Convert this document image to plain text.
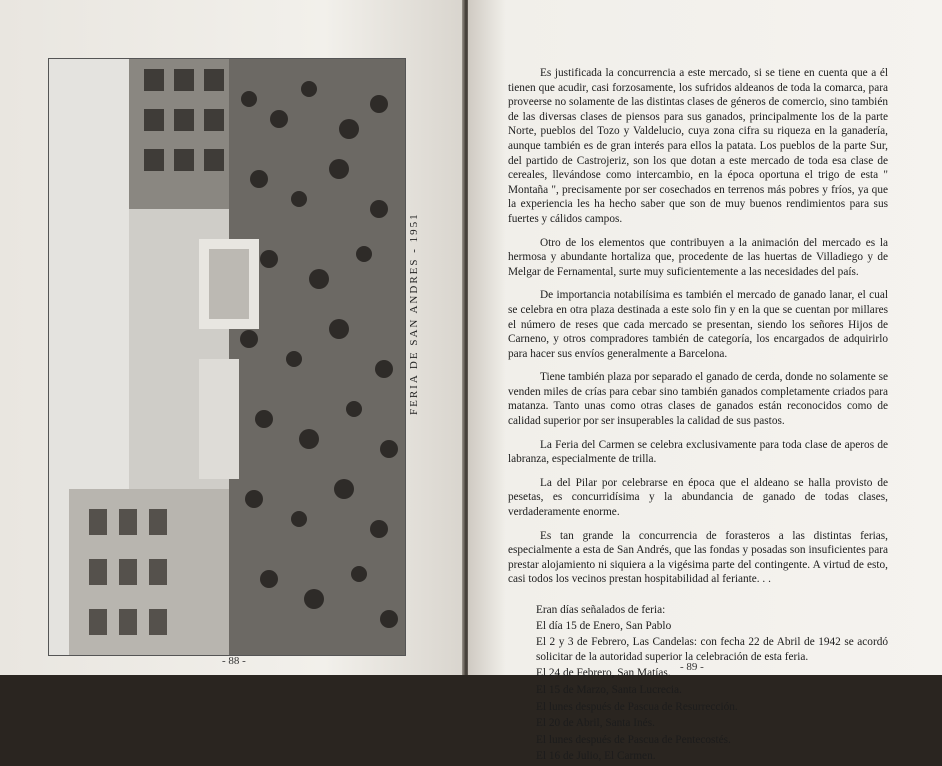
FERIA DE SAN ANDRES - 1951
- 88 -

Es justificada la concurrencia a este mercado, si se tiene en cuenta que a él tienen que acudir, casi forzosamente, los sufridos aldeanos de toda la comarca, para proveerse no solamente de las distintas clases de géneros de comercio, sino también de las diversas clases de piensos para sus ganados, principalmente los de la parte Norte, pueblos del Tozo y Valdelucio, cuya zona cifra su riqueza en la ganadería, aunque también es de gran interés para ellos la patata. Los pueblos de la parte Sur, del partido de Castrojeriz, son los que dotan a este mercado de toda esa clase de cereales, llevándose como intercambio, en la época oportuna el trigo de esta " Montaña ", precisamente por ser cosechados en terrenos más pobres y fríos, ya que la experiencia les ha hecho saber que son de muy buenos rendimientos para sus fuertes y cálidos campos.

Otro de los elementos que contribuyen a la animación del mercado es la hermosa y abundante hortaliza que, procedente de las huertas de Villadiego y de Melgar de Fernamental, surte muy suficientemente a las necesidades del país.

De importancia notabilísima es también el mercado de ganado lanar, el cual se celebra en otra plaza destinada a este solo fin y en la que se cuentan por millares el número de reses que cada mercado se presentan, siendo los señores Hijos de Carneno, y otros compradores también de categoría, los encargados de adquirirlo para hacer sus envíos generalmente a Barcelona.

Tiene también plaza por separado el ganado de cerda, donde no solamente se venden miles de crías para cebar sino también ganados completamente criados para matanza. Tanto unas como otras clases de ganados están reconocidos como de calidad superior por ser insuperables la calidad de sus pastos.

La Feria del Carmen se celebra exclusivamente para toda clase de aperos de labranza, especialmente de trilla.

La del Pilar por celebrarse en época que el aldeano se halla provisto de pesetas, es concurridísima y la abundancia de ganado de todas clases, verdaderamente enorme.

Es tan grande la concurrencia de forasteros a las distintas ferias, especialmente a esta de San Andrés, que las fondas y posadas son insuficientes para prestar alojamiento ni siquiera a la vigésima parte del contingente. A virtud de esto, casi todos los vecinos prestan hospitabilidad al feriante. . .

Eran días señalados de feria:
El día 15 de Enero, San Pablo
El 2 y 3 de Febrero, Las Candelas: con fecha 22 de Abril de 1942 se acordó solicitar de la autoridad superior la celebración de esta feria.
El 24 de Febrero, San Matías.
El 15 de Marzo, Santa Lucrecia.
El lunes después de Pascua de Resurrección.
El 20 de Abril, Santa Inés.
El lunes después de Pascua de Pentecostés.
El 16 de Julio, El Carmen.
- 89 -
